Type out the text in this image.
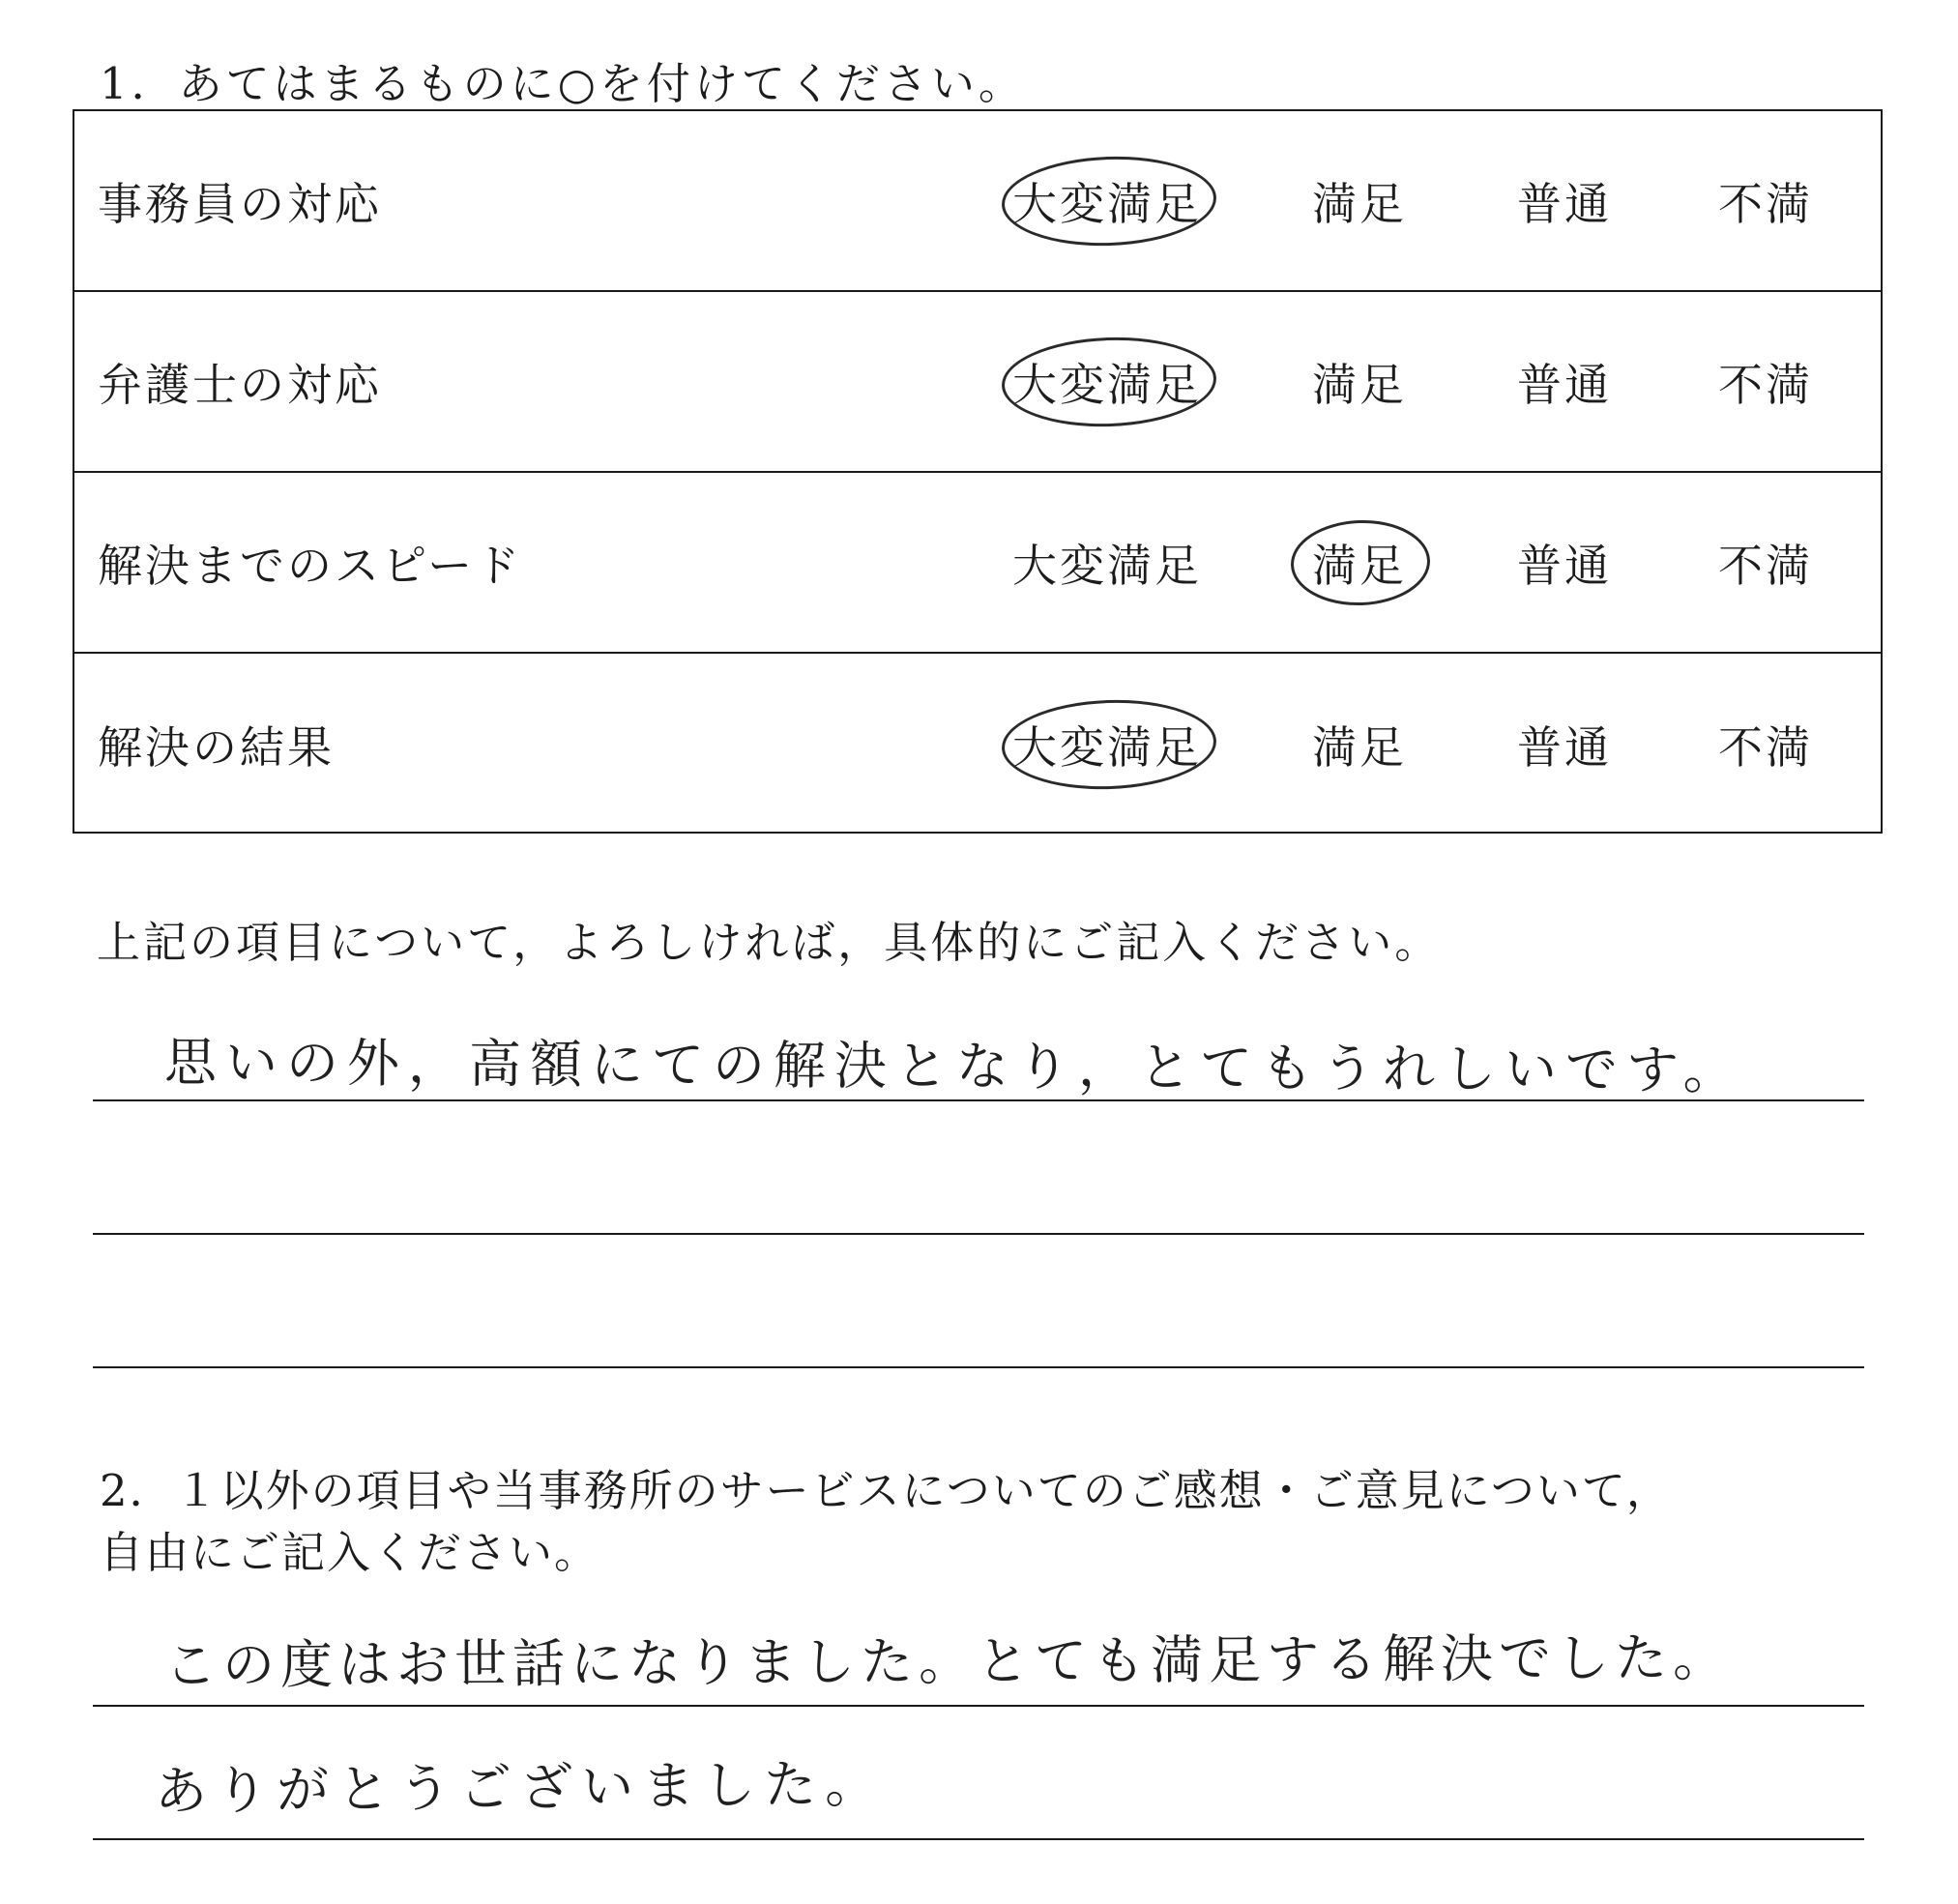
1．あてはまるものに○を付けてください。
事務員の対応	大変満足 満足 普通 不満
弁護士の対応	大変満足 満足 普通 不満
解決までのスピード	大変満足 満足 普通 不満
解決の結果	大変満足 満足 普通 不満
上記の項目について，よろしければ，具体的にご記入ください。
思いの外，高額にての解決となり，とてもうれしいです。
2．１以外の項目や当事務所のサービスについてのご感想・ご意見について，
自由にご記入ください。
この度はお世話になりました。とても満足する解決でした。
ありがとうございました。
